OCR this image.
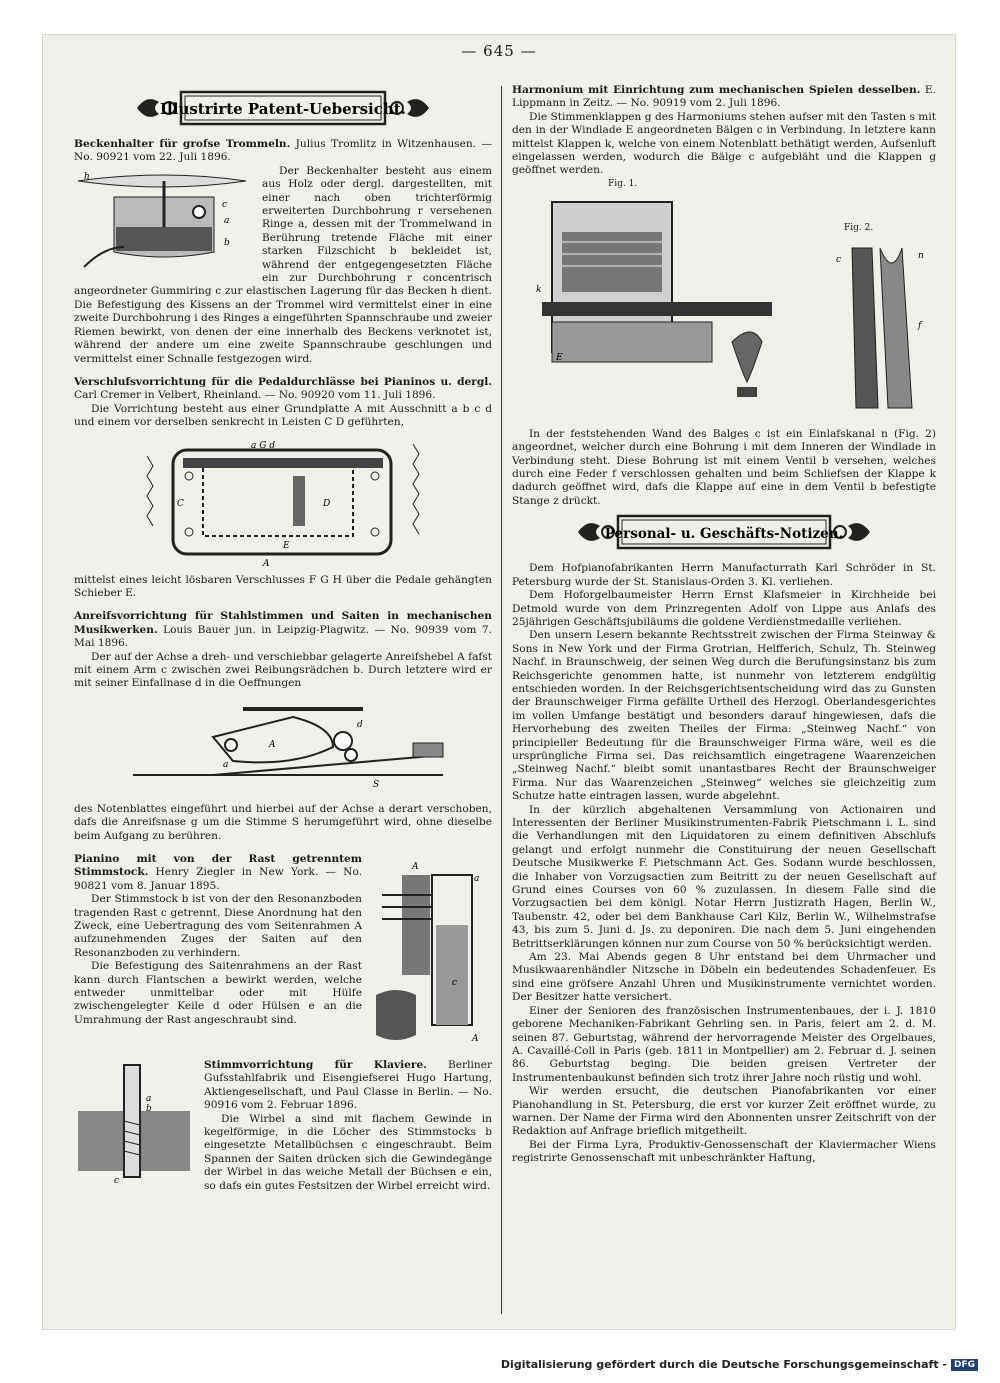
— 645 —
Illustrirte Patent-Uebersicht.

Beckenhalter für grofse Trommeln. Julius Tromlitz in Witzenhausen. — No. 90921 vom 22. Juli 1896.

h
c
a
b

Der Beckenhalter besteht aus einem aus Holz oder dergl. dargestellten, mit einer nach oben trichterförmig erweiterten Durchbohrung r versehenen Ringe a, dessen mit der Trommelwand in Berührung tretende Fläche mit einer starken Filzschicht b bekleidet ist, während der entgegengesetzten Fläche ein zur Durchbohrung r concentrisch angeordneter Gummiring c zur elastischen Lagerung für das Becken h dient. Die Befestigung des Kissens an der Trommel wird vermittelst einer in eine zweite Durchbohrung i des Ringes a eingeführten Spannschraube und zweier Riemen bewirkt, von denen der eine innerhalb des Beckens verknotet ist, während der andere um eine zweite Spannschraube geschlungen und vermittelst einer Schnalle festgezogen wird.

Verschlufsvorrichtung für die Pedaldurchlässe bei Pianinos u. dergl. Carl Cremer in Velbert, Rheinland. — No. 90920 vom 11. Juli 1896.

Die Vorrichtung besteht aus einer Grundplatte A mit Ausschnitt a b c d und einem vor derselben senkrecht in Leisten C D geführten,

a G d
C	D
E
A

mittelst eines leicht lösbaren Verschlusses F G H über die Pedale gehängten Schieber E.

Anreifsvorrichtung für Stahlstimmen und Saiten in mechanischen Musikwerken. Louis Bauer jun. in Leipzig-Plagwitz. — No. 90939 vom 7. Mai 1896.

Der auf der Achse a dreh- und verschiebbar gelagerte Anreifshebel A fafst mit einem Arm c zwischen zwei Reibungsrädchen b. Durch letztere wird er mit seiner Einfallnase d in die Oeffnungen

a
A
d
S

des Notenblattes eingeführt und hierbei auf der Achse a derart verschoben, dafs die Anreifsnase g um die Stimme S herumgeführt wird, ohne dieselbe beim Aufgang zu berühren.

A
a
c
A

Pianino mit von der Rast getrenntem Stimmstock. Henry Ziegler in New York. — No. 90821 vom 8. Januar 1895.

Der Stimmstock b ist von der den Resonanzboden tragenden Rast c getrennt. Diese Anordnung hat den Zweck, eine Uebertragung des vom Seitenrahmen A aufzunehmenden Zuges der Saiten auf den Resonanzboden zu verhindern.

Die Befestigung des Saitenrahmens an der Rast kann durch Flantschen a bewirkt werden, welche entweder unmittelbar oder mit Hülfe zwischengelegter Keile d oder Hülsen e an die Umrahmung der Rast angeschraubt sind.

a
b
c

Stimmvorrichtung für Klaviere. Berliner Gufsstahlfabrik und Eisengiefserei Hugo Hartung, Aktiengesellschaft, und Paul Classe in Berlin. — No. 90916 vom 2. Februar 1896.

Die Wirbel a sind mit flachem Gewinde in kegelförmige, in die Löcher des Stimmstocks b eingesetzte Metallbüchsen c eingeschraubt. Beim Spannen der Saiten drücken sich die Gewindegänge der Wirbel in das weiche Metall der Büchsen e ein, so dafs ein gutes Festsitzen der Wirbel erreicht wird.

Harmonium mit Einrichtung zum mechanischen Spielen desselben. E. Lippmann in Zeitz. — No. 90919 vom 2. Juli 1896.

Die Stimmenklappen g des Harmoniums stehen aufser mit den Tasten s mit den in der Windlade E angeordneten Bälgen c in Verbindung. In letztere kann mittelst Klappen k, welche von einem Notenblatt bethätigt werden, Aufsenluft eingelassen werden, wodurch die Bälge c aufgebläht und die Klappen g geöffnet werden.

Fig. 1.
k
E
Fig. 2.
c	n
f

In der feststehenden Wand des Balges c ist ein Einlafskanal n (Fig. 2) angeordnet, welcher durch eine Bohrung i mit dem Inneren der Windlade in Verbindung steht. Diese Bohrung ist mit einem Ventil b versehen, welches durch eine Feder f verschlossen gehalten und beim Schliefsen der Klappe k dadurch geöffnet wird, dafs die Klappe auf eine in dem Ventil b befestigte Stange z drückt.

Personal- u. Geschäfts-Notizen.

Dem Hofpianofabrikanten Herrn Manufacturrath Karl Schröder in St. Petersburg wurde der St. Stanislaus-Orden 3. Kl. verliehen.

Dem Hoforgelbaumeister Herrn Ernst Klafsmeier in Kirchheide bei Detmold wurde von dem Prinzregenten Adolf von Lippe aus Anlafs des 25jährigen Geschäftsjubiläums die goldene Verdienstmedaille verliehen.

Den unsern Lesern bekannte Rechtsstreit zwischen der Firma Steinway & Sons in New York und der Firma Grotrian, Helfferich, Schulz, Th. Steinweg Nachf. in Braunschweig, der seinen Weg durch die Berufungsinstanz bis zum Reichsgerichte genommen hatte, ist nunmehr von letzterem endgültig entschieden worden. In der Reichsgerichtsentscheidung wird das zu Gunsten der Braunschweiger Firma gefällte Urtheil des Herzogl. Oberlandesgerichtes im vollen Umfange bestätigt und besonders darauf hingewiesen, dafs die Hervorhebung des zweiten Theiles der Firma: „Steinweg Nachf.“ von principieller Bedeutung für die Braunschweiger Firma wäre, weil es die ursprüngliche Firma sei. Das reichsamtlich eingetragene Waarenzeichen „Steinweg Nachf.“ bleibt somit unantastbares Recht der Braunschweiger Firma. Nur das Waarenzeichen „Steinweg“ welches sie gleichzeitig zum Schutze hatte eintragen lassen, wurde abgelehnt.

In der kürzlich abgehaltenen Versammlung von Actionairen und Interessenten der Berliner Musikinstrumenten-Fabrik Pietschmann i. L. sind die Verhandlungen mit den Liquidatoren zu einem definitiven Abschlufs gelangt und erfolgt nunmehr die Constituirung der neuen Gesellschaft Deutsche Musikwerke F. Pietschmann Act. Ges. Sodann wurde beschlossen, die Inhaber von Vorzugsactien zum Beitritt zu der neuen Gesellschaft auf Grund eines Courses von 60 % zuzulassen. In diesem Falle sind die Vorzugsactien bei dem königl. Notar Herrn Justizrath Hagen, Berlin W., Taubenstr. 42, oder bei dem Bankhause Carl Kilz, Berlin W., Wilhelmstrafse 43, bis zum 5. Juni d. Js. zu deponiren. Die nach dem 5. Juni eingehenden Betrittserklärungen können nur zum Course von 50 % berücksichtigt werden.

Am 23. Mai Abends gegen 8 Uhr entstand bei dem Uhrmacher und Musikwaarenhändler Nitzsche in Döbeln ein bedeutendes Schadenfeuer. Es sind eine gröfsere Anzahl Uhren und Musikinstrumente vernichtet worden. Der Besitzer hatte versichert.

Einer der Senioren des französischen Instrumentenbaues, der i. J. 1810 geborene Mechaniken-Fabrikant Gehrling sen. in Paris, feiert am 2. d. M. seinen 87. Geburtstag, während der hervorragende Meister des Orgelbaues, A. Cavaillé-Coll in Paris (geb. 1811 in Montpellier) am 2. Februar d. J. seinen 86. Geburtstag beging. Die beiden greisen Vertreter der Instrumentenbaukunst befinden sich trotz ihrer Jahre noch rüstig und wohl.

Wir werden ersucht, die deutschen Pianofabrikanten vor einer Pianohandlung in St. Petersburg, die erst vor kurzer Zeit eröffnet wurde, zu warnen. Der Name der Firma wird den Abonnenten unsrer Zeitschrift von der Redaktion auf Anfrage brieflich mitgetheilt.

Bei der Firma Lyra, Produktiv-Genossenschaft der Klaviermacher Wiens registrirte Genossenschaft mit unbeschränkter Haftung,

Digitalisierung gefördert durch die Deutsche Forschungsgemeinschaft - DFG
